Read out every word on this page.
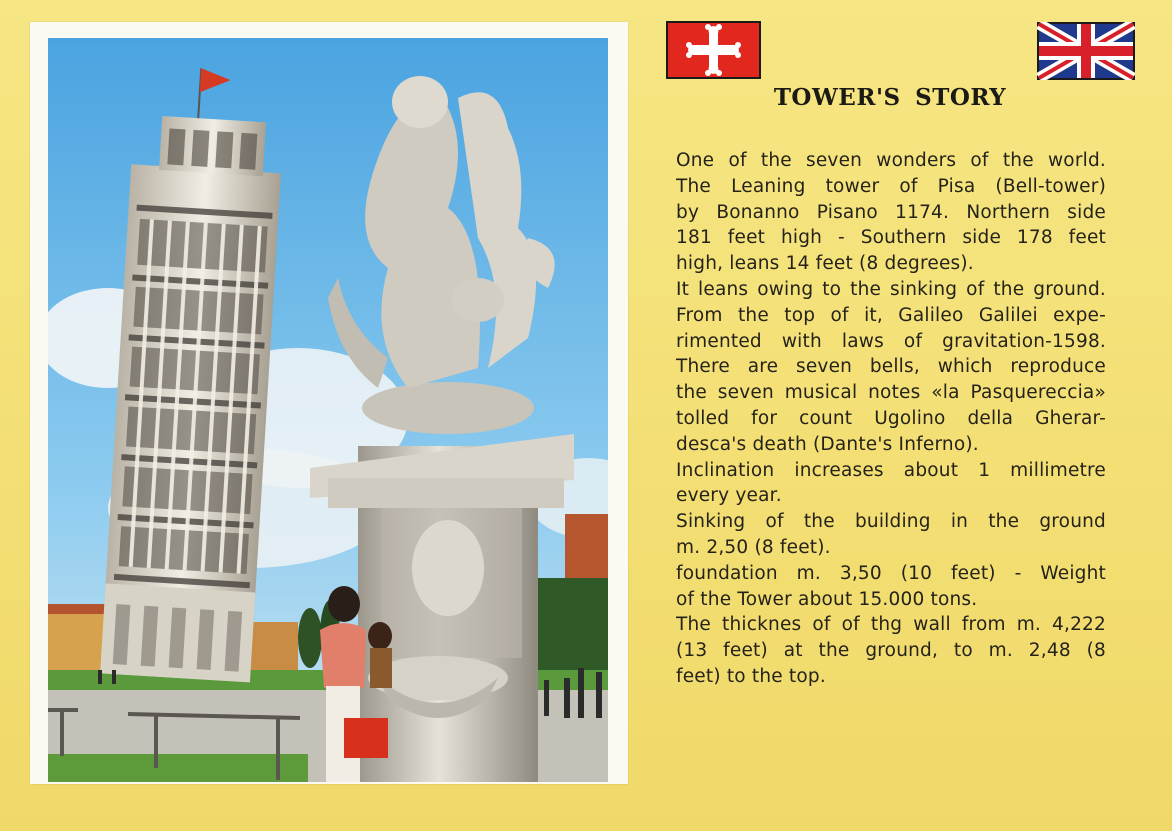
TOWER'S STORY
One of the seven wonders of the world.
The Leaning tower of Pisa (Bell-tower)
by Bonanno Pisano 1174. Northern side
181 feet high - Southern side 178 feet
high, leans 14 feet (8 degrees).
It leans owing to the sinking of the ground.
From the top of it, Galileo Galilei expe-
rimented with laws of gravitation-1598.
There are seven bells, which reproduce
the seven musical notes «la Pasquereccia»
tolled for count Ugolino della Gherar-
desca's death (Dante's Inferno).
Inclination increases about 1 millimetre
every year.
Sinking of the building in the ground
m. 2,50 (8 feet).
foundation m. 3,50 (10 feet) - Weight
of the Tower about 15.000 tons.
The thicknes of of thg wall from m. 4,222
(13 feet) at the ground, to m. 2,48 (8
feet) to the top.
